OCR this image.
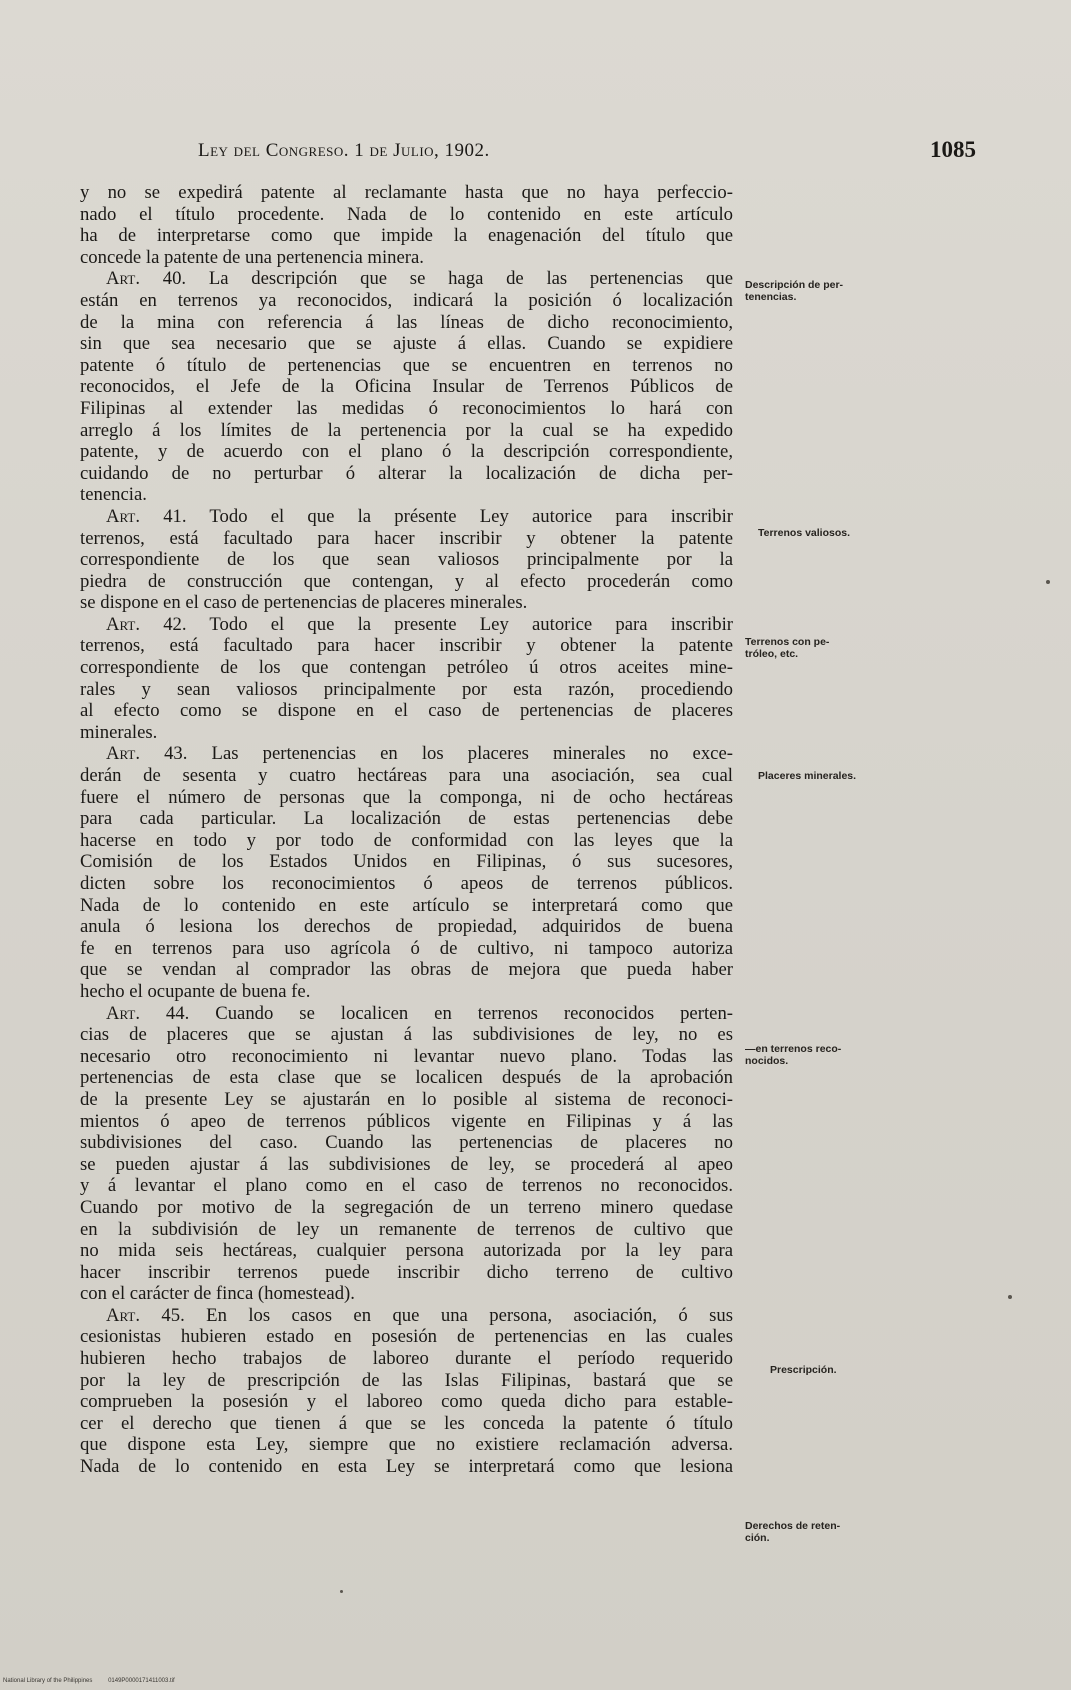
Ley del Congreso. 1 de Julio, 1902.	1085

y no se expedirá patente al reclamante hasta que no haya perfeccio-
nado el título procedente. Nada de lo contenido en este artículo
ha de interpretarse como que impide la enagenación del título que
concede la patente de una pertenencia minera.

Art. 40. La descripción que se haga de las pertenencias que
están en terrenos ya reconocidos, indicará la posición ó localización
de la mina con referencia á las líneas de dicho reconocimiento,
sin que sea necesario que se ajuste á ellas. Cuando se expidiere
patente ó título de pertenencias que se encuentren en terrenos no
reconocidos, el Jefe de la Oficina Insular de Terrenos Públicos de
Filipinas al extender las medidas ó reconocimientos lo hará con
arreglo á los límites de la pertenencia por la cual se ha expedido
patente, y de acuerdo con el plano ó la descripción correspondiente,
cuidando de no perturbar ó alterar la localización de dicha per-
tenencia.

Art. 41. Todo el que la présente Ley autorice para inscribir
terrenos, está facultado para hacer inscribir y obtener la patente
correspondiente de los que sean valiosos principalmente por la
piedra de construcción que contengan, y al efecto procederán como
se dispone en el caso de pertenencias de placeres minerales.

Art. 42. Todo el que la presente Ley autorice para inscribir
terrenos, está facultado para hacer inscribir y obtener la patente
correspondiente de los que contengan petróleo ú otros aceites mine-
rales y sean valiosos principalmente por esta razón, procediendo
al efecto como se dispone en el caso de pertenencias de placeres
minerales.

Art. 43. Las pertenencias en los placeres minerales no exce-
derán de sesenta y cuatro hectáreas para una asociación, sea cual
fuere el número de personas que la componga, ni de ocho hectáreas
para cada particular. La localización de estas pertenencias debe
hacerse en todo y por todo de conformidad con las leyes que la
Comisión de los Estados Unidos en Filipinas, ó sus sucesores,
dicten sobre los reconocimientos ó apeos de terrenos públicos.
Nada de lo contenido en este artículo se interpretará como que
anula ó lesiona los derechos de propiedad, adquiridos de buena
fe en terrenos para uso agrícola ó de cultivo, ni tampoco autoriza
que se vendan al comprador las obras de mejora que pueda haber
hecho el ocupante de buena fe.

Art. 44. Cuando se localicen en terrenos reconocidos perten-
cias de placeres que se ajustan á las subdivisiones de ley, no es
necesario otro reconocimiento ni levantar nuevo plano. Todas las
pertenencias de esta clase que se localicen después de la aprobación
de la presente Ley se ajustarán en lo posible al sistema de reconoci-
mientos ó apeo de terrenos públicos vigente en Filipinas y á las
subdivisiones del caso. Cuando las pertenencias de placeres no
se pueden ajustar á las subdivisiones de ley, se procederá al apeo
y á levantar el plano como en el caso de terrenos no reconocidos.
Cuando por motivo de la segregación de un terreno minero quedase
en la subdivisión de ley un remanente de terrenos de cultivo que
no mida seis hectáreas, cualquier persona autorizada por la ley para
hacer inscribir terrenos puede inscribir dicho terreno de cultivo
con el carácter de finca (homestead).

Art. 45. En los casos en que una persona, asociación, ó sus
cesionistas hubieren estado en posesión de pertenencias en las cuales
hubieren hecho trabajos de laboreo durante el período requerido
por la ley de prescripción de las Islas Filipinas, bastará que se
comprueben la posesión y el laboreo como queda dicho para estable-
cer el derecho que tienen á que se les conceda la patente ó título
que dispone esta Ley, siempre que no existiere reclamación adversa.
Nada de lo contenido en esta Ley se interpretará como que lesiona

Descripción de per-
tenencias.
Terrenos valiosos.
Terrenos con pe-
tróleo, etc.
Placeres minerales.
—en terrenos reco-
nocidos.
Prescripción.
Derechos de reten-
ción.
National Library of the Philippines	0149P0000171411003.tif
